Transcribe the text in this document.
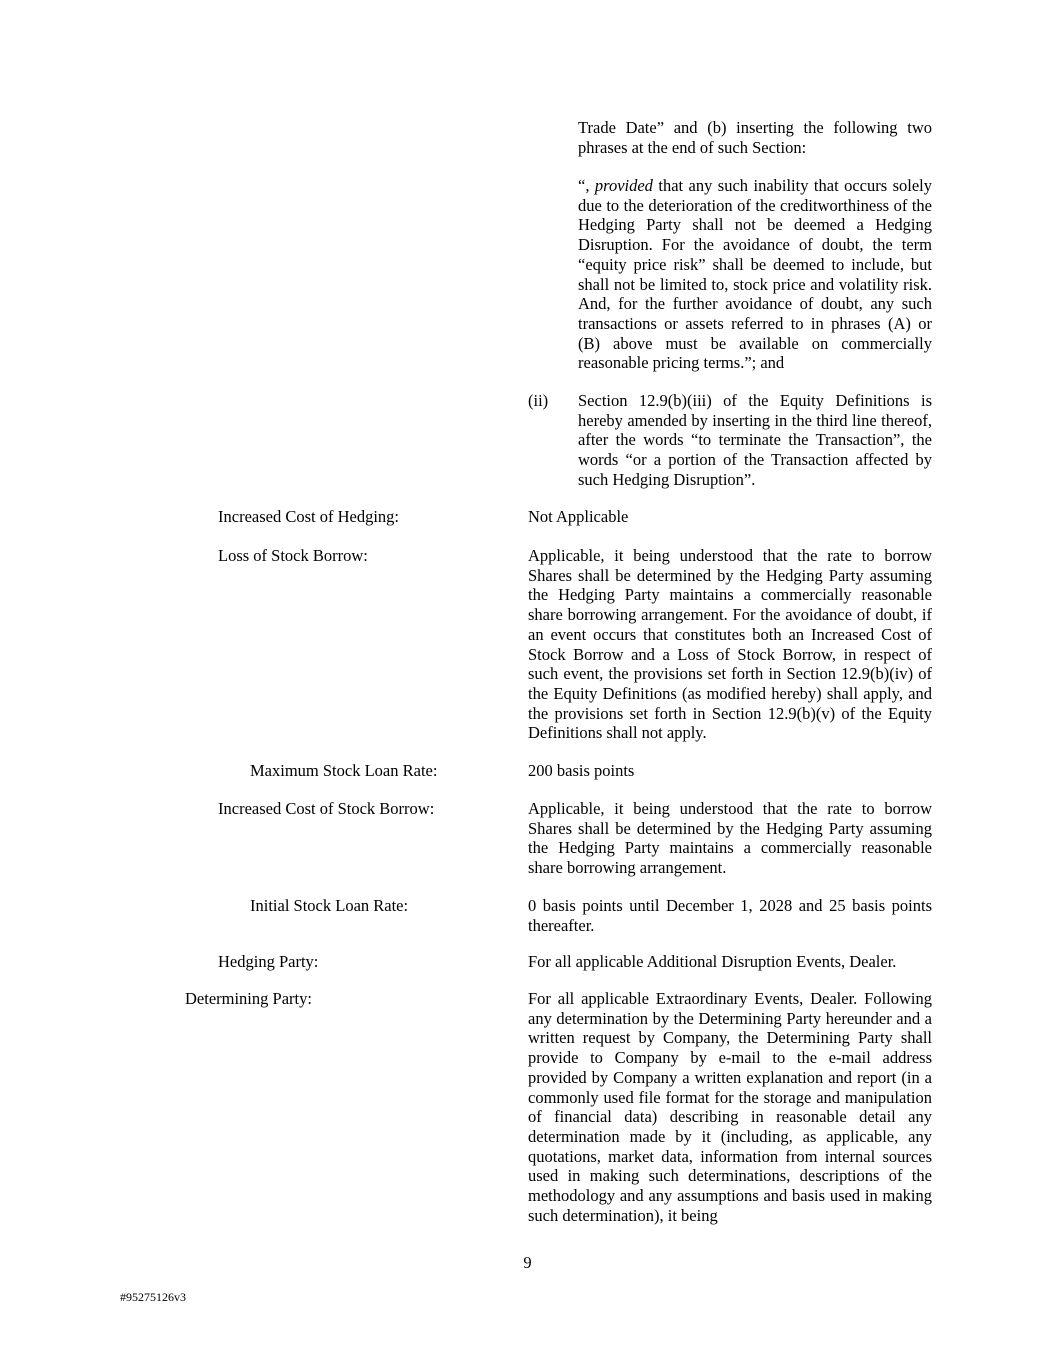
Trade Date” and (b) inserting the following two phrases at the end of such Section:
“, provided that any such inability that occurs solely due to the deterioration of the creditworthiness of the Hedging Party shall not be deemed a Hedging Disruption. For the avoidance of doubt, the term “equity price risk” shall be deemed to include, but shall not be limited to, stock price and volatility risk. And, for the further avoidance of doubt, any such transactions or assets referred to in phrases (A) or (B) above must be available on commercially reasonable pricing terms.”; and
(ii) Section 12.9(b)(iii) of the Equity Definitions is hereby amended by inserting in the third line thereof, after the words “to terminate the Transaction”, the words “or a portion of the Transaction affected by such Hedging Disruption”.
Increased Cost of Hedging:	Not Applicable
Loss of Stock Borrow:	Applicable, it being understood that the rate to borrow Shares shall be determined by the Hedging Party assuming the Hedging Party maintains a commercially reasonable share borrowing arrangement. For the avoidance of doubt, if an event occurs that constitutes both an Increased Cost of Stock Borrow and a Loss of Stock Borrow, in respect of such event, the provisions set forth in Section 12.9(b)(iv) of the Equity Definitions (as modified hereby) shall apply, and the provisions set forth in Section 12.9(b)(v) of the Equity Definitions shall not apply.
Maximum Stock Loan Rate:	200 basis points
Increased Cost of Stock Borrow:	Applicable, it being understood that the rate to borrow Shares shall be determined by the Hedging Party assuming the Hedging Party maintains a commercially reasonable share borrowing arrangement.
Initial Stock Loan Rate:	0 basis points until December 1, 2028 and 25 basis points thereafter.
Hedging Party:	For all applicable Additional Disruption Events, Dealer.
Determining Party:	For all applicable Extraordinary Events, Dealer. Following any determination by the Determining Party hereunder and a written request by Company, the Determining Party shall provide to Company by e-mail to the e-mail address provided by Company a written explanation and report (in a commonly used file format for the storage and manipulation of financial data) describing in reasonable detail any determination made by it (including, as applicable, any quotations, market data, information from internal sources used in making such determinations, descriptions of the methodology and any assumptions and basis used in making such determination), it being
9
#95275126v3
